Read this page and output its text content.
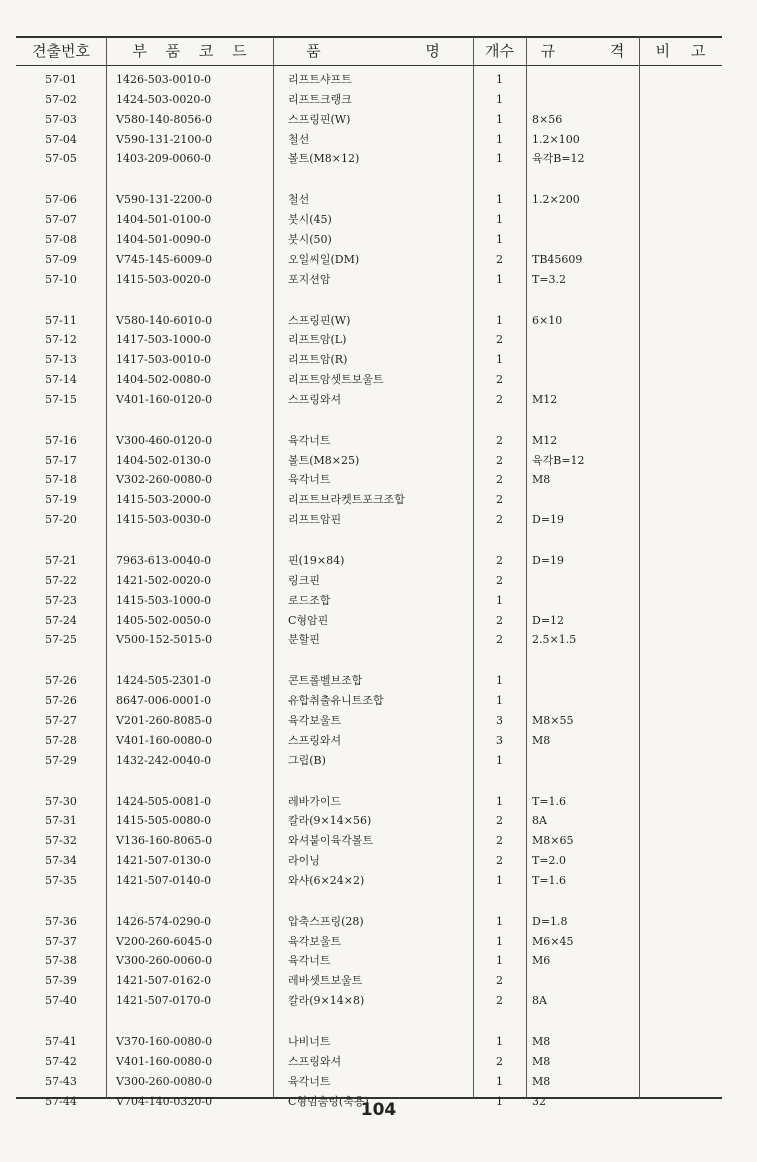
견출번호	부 품 코 드	품 명	개수	규 격	비 고
57-01	1426-503-0010-0	리프트샤프트	1
57-02	1424-503-0020-0	리프트크랭크	1
57-03	V580-140-8056-0	스프링핀(W)	1	8×56
57-04	V590-131-2100-0	철선	1	1.2×100
57-05	1403-209-0060-0	볼트(M8×12)	1	육각B=12
57-06	V590-131-2200-0	철선	1	1.2×200
57-07	1404-501-0100-0	붓시(45)	1
57-08	1404-501-0090-0	붓시(50)	1
57-09	V745-145-6009-0	오일씨일(DM)	2	TB45609
57-10	1415-503-0020-0	포지션암	1	T=3.2
57-11	V580-140-6010-0	스프링핀(W)	1	6×10
57-12	1417-503-1000-0	리프트암(L)	2
57-13	1417-503-0010-0	리프트암(R)	1
57-14	1404-502-0080-0	리프트암셋트보울트	2
57-15	V401-160-0120-0	스프링와셔	2	M12
57-16	V300-460-0120-0	육각너트	2	M12
57-17	1404-502-0130-0	볼트(M8×25)	2	육각B=12
57-18	V302-260-0080-0	육각너트	2	M8
57-19	1415-503-2000-0	리프트브라켓트포크조합	2
57-20	1415-503-0030-0	리프트암핀	2	D=19
57-21	7963-613-0040-0	핀(19×84)	2	D=19
57-22	1421-502-0020-0	링크핀	2
57-23	1415-503-1000-0	로드조합	1
57-24	1405-502-0050-0	C형암핀	2	D=12
57-25	V500-152-5015-0	분할핀	2	2.5×1.5
57-26	1424-505-2301-0	콘트롤벨브조합	1
57-26	8647-006-0001-0	유합취출유니트조합	1
57-27	V201-260-8085-0	육각보울트	3	M8×55
57-28	V401-160-0080-0	스프링와셔	3	M8
57-29	1432-242-0040-0	그립(B)	1
57-30	1424-505-0081-0	레바가이드	1	T=1.6
57-31	1415-505-0080-0	칼라(9×14×56)	2	8A
57-32	V136-160-8065-0	와셔붙이육각볼트	2	M8×65
57-34	1421-507-0130-0	라이닝	2	T=2.0
57-35	1421-507-0140-0	와샤(6×24×2)	1	T=1.6
57-36	1426-574-0290-0	압축스프링(28)	1	D=1.8
57-37	V200-260-6045-0	육각보울트	1	M6×45
57-38	V300-260-0060-0	육각너트	1	M6
57-39	1421-507-0162-0	레바셋트보울트	2
57-40	1421-507-0170-0	칼라(9×14×8)	2	8A
57-41	V370-160-0080-0	나비너트	1	M8
57-42	V401-160-0080-0	스프링와셔	2	M8
57-43	V300-260-0080-0	육각너트	1	M8
57-44	V704-140-0320-0	C형멈춤링(축용)	1	32
104
